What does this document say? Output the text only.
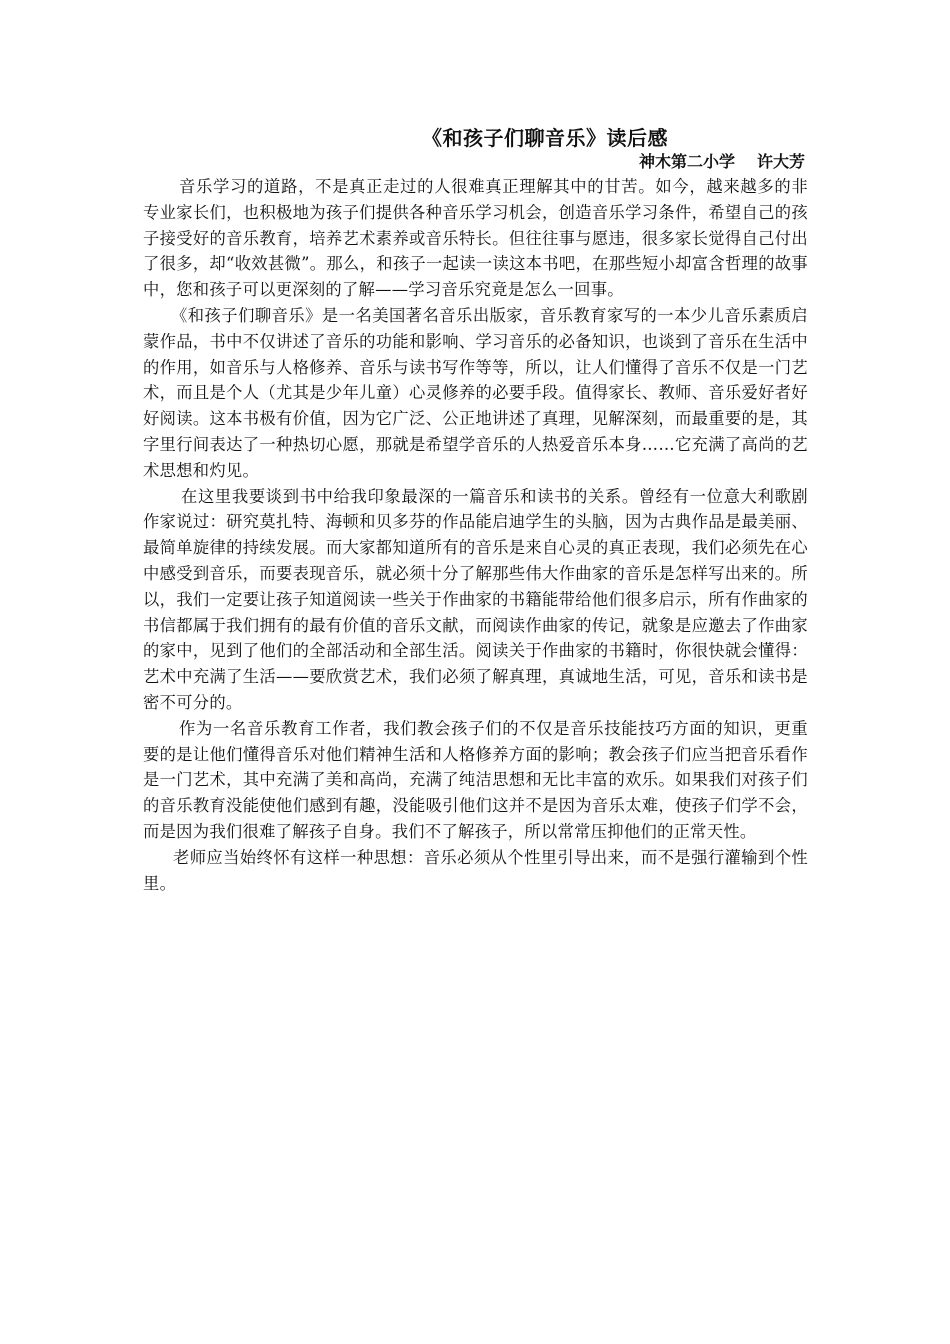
《和孩子们聊音乐》读后感
神木第二小学 许大芳

音乐学习的道路，不是真正走过的人很难真正理解其中的甘苦。如今，越来越多的非专业家长们，也积极地为孩子们提供各种音乐学习机会，创造音乐学习条件，希望自己的孩子接受好的音乐教育，培养艺术素养或音乐特长。但往往事与愿违，很多家长觉得自己付出了很多，却“收效甚微”。那么，和孩子一起读一读这本书吧，在那些短小却富含哲理的故事中，您和孩子可以更深刻的了解——学习音乐究竟是怎么一回事。

《和孩子们聊音乐》是一名美国著名音乐出版家，音乐教育家写的一本少儿音乐素质启蒙作品，书中不仅讲述了音乐的功能和影响、学习音乐的必备知识，也谈到了音乐在生活中的作用，如音乐与人格修养、音乐与读书写作等等，所以，让人们懂得了音乐不仅是一门艺术，而且是个人（尤其是少年儿童）心灵修养的必要手段。值得家长、教师、音乐爱好者好好阅读。这本书极有价值，因为它广泛、公正地讲述了真理，见解深刻，而最重要的是，其字里行间表达了一种热切心愿，那就是希望学音乐的人热爱音乐本身……它充满了高尚的艺术思想和灼见。

在这里我要谈到书中给我印象最深的一篇音乐和读书的关系。曾经有一位意大利歌剧作家说过：研究莫扎特、海顿和贝多芬的作品能启迪学生的头脑，因为古典作品是最美丽、最简单旋律的持续发展。而大家都知道所有的音乐是来自心灵的真正表现，我们必须先在心中感受到音乐，而要表现音乐，就必须十分了解那些伟大作曲家的音乐是怎样写出来的。所以，我们一定要让孩子知道阅读一些关于作曲家的书籍能带给他们很多启示，所有作曲家的书信都属于我们拥有的最有价值的音乐文献，而阅读作曲家的传记，就象是应邀去了作曲家的家中，见到了他们的全部活动和全部生活。阅读关于作曲家的书籍时，你很快就会懂得：艺术中充满了生活——要欣赏艺术，我们必须了解真理，真诚地生活，可见，音乐和读书是密不可分的。

作为一名音乐教育工作者，我们教会孩子们的不仅是音乐技能技巧方面的知识，更重要的是让他们懂得音乐对他们精神生活和人格修养方面的影响；教会孩子们应当把音乐看作是一门艺术，其中充满了美和高尚，充满了纯洁思想和无比丰富的欢乐。如果我们对孩子们的音乐教育没能使他们感到有趣，没能吸引他们这并不是因为音乐太难，使孩子们学不会，而是因为我们很难了解孩子自身。我们不了解孩子，所以常常压抑他们的正常天性。

老师应当始终怀有这样一种思想：音乐必须从个性里引导出来，而不是强行灌输到个性里。
